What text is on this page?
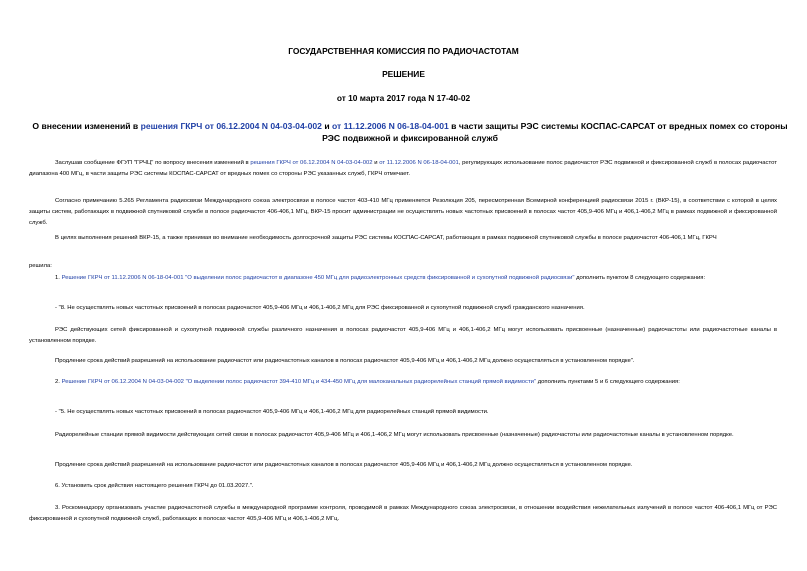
ГОСУДАРСТВЕННАЯ КОМИССИЯ ПО РАДИОЧАСТОТАМ
РЕШЕНИЕ
от 10 марта 2017 года N 17-40-02
О внесении изменений в решения ГКРЧ от 06.12.2004 N 04-03-04-002 и от 11.12.2006 N 06-18-04-001 в части защиты РЭС системы КОСПАС-САРСАТ от вредных помех со стороны РЭС подвижной и фиксированной служб
Заслушав сообщение ФГУП "ГРЧЦ" по вопросу внесения изменений в решения ГКРЧ от 06.12.2004 N 04-03-04-002 и от 11.12.2006 N 06-18-04-001, регулирующих использование полос радиочастот РЭС подвижной и фиксированной служб в полосах радиочастот диапазона 400 МГц, в части защиты РЭС системы КОСПАС-САРСАТ от вредных помех со стороны РЭС указанных служб, ГКРЧ отмечает.
Согласно примечанию 5.265 Регламента радиосвязи Международного союза электросвязи в полосе частот 403-410 МГц применяется Резолюция 205, пересмотренная Всемирной конференцией радиосвязи 2015 г. (ВКР-15), в соответствии с которой в целях защиты систем, работающих в подвижной спутниковой службе в полосе радиочастот 406-406,1 МГц, ВКР-15 просит администрации не осуществлять новых частотных присвоений в полосах частот 405,9-406 МГц и 406,1-406,2 МГц в рамках подвижной и фиксированной служб.
В целях выполнения решений ВКР-15, а также принимая во внимание необходимость долгосрочной защиты РЭС системы КОСПАС-САРСАТ, работающих в рамках подвижной спутниковой службы в полосе радиочастот 406-406,1 МГц, ГКРЧ
решила:
1. Решение ГКРЧ от 11.12.2006 N 06-18-04-001 "О выделении полос радиочастот в диапазоне 450 МГц для радиоэлектронных средств фиксированной и сухопутной подвижной радиосвязи" дополнить пунктом 8 следующего содержания:
- "8. Не осуществлять новых частотных присвоений в полосах радиочастот 405,9-406 МГц и 406,1-406,2 МГц для РЭС фиксированной и сухопутной подвижной служб гражданского назначения.
РЭС действующих сетей фиксированной и сухопутной подвижной службы различного назначения в полосах радиочастот 405,9-406 МГц и 406,1-406,2 МГц могут использовать присвоенные (назначенные) радиочастоты или радиочастотные каналы в установленном порядке.
Продление срока действий разрешений на использование радиочастот или радиочастотных каналов в полосах радиочастот 405,9-406 МГц и 406,1-406,2 МГц должно осуществляться в установленном порядке".
2. Решение ГКРЧ от 06.12.2004 N 04-03-04-002 "О выделении полос радиочастот 394-410 МГц и 434-450 МГц для малоканальных радиорелейных станций прямой видимости" дополнить пунктами 5 и 6 следующего содержания:
- "5. Не осуществлять новых частотных присвоений в полосах радиочастот 405,9-406 МГц и 406,1-406,2 МГц для радиорелейных станций прямой видимости.
Радиорелейные станции прямой видимости действующих сетей связи в полосах радиочастот 405,9-406 МГц и 406,1-406,2 МГц могут использовать присвоенные (назначенные) радиочастоты или радиочастотные каналы в установленном порядке.
Продление срока действий разрешений на использование радиочастот или радиочастотных каналов в полосах радиочастот 405,9-406 МГц и 406,1-406,2 МГц должно осуществляться в установленном порядке.
6. Установить срок действия настоящего решения ГКРЧ до 01.03.2027.".
3. Роскомнадзору организовать участие радиочастотной службы в международной программе контроля, проводимой в рамках Международного союза электросвязи, в отношении воздействия нежелательных излучений в полосе частот 406-406,1 МГц от РЭС фиксированной и сухопутной подвижной служб, работающих в полосах частот 405,9-406 МГц и 406,1-406,2 МГц.
